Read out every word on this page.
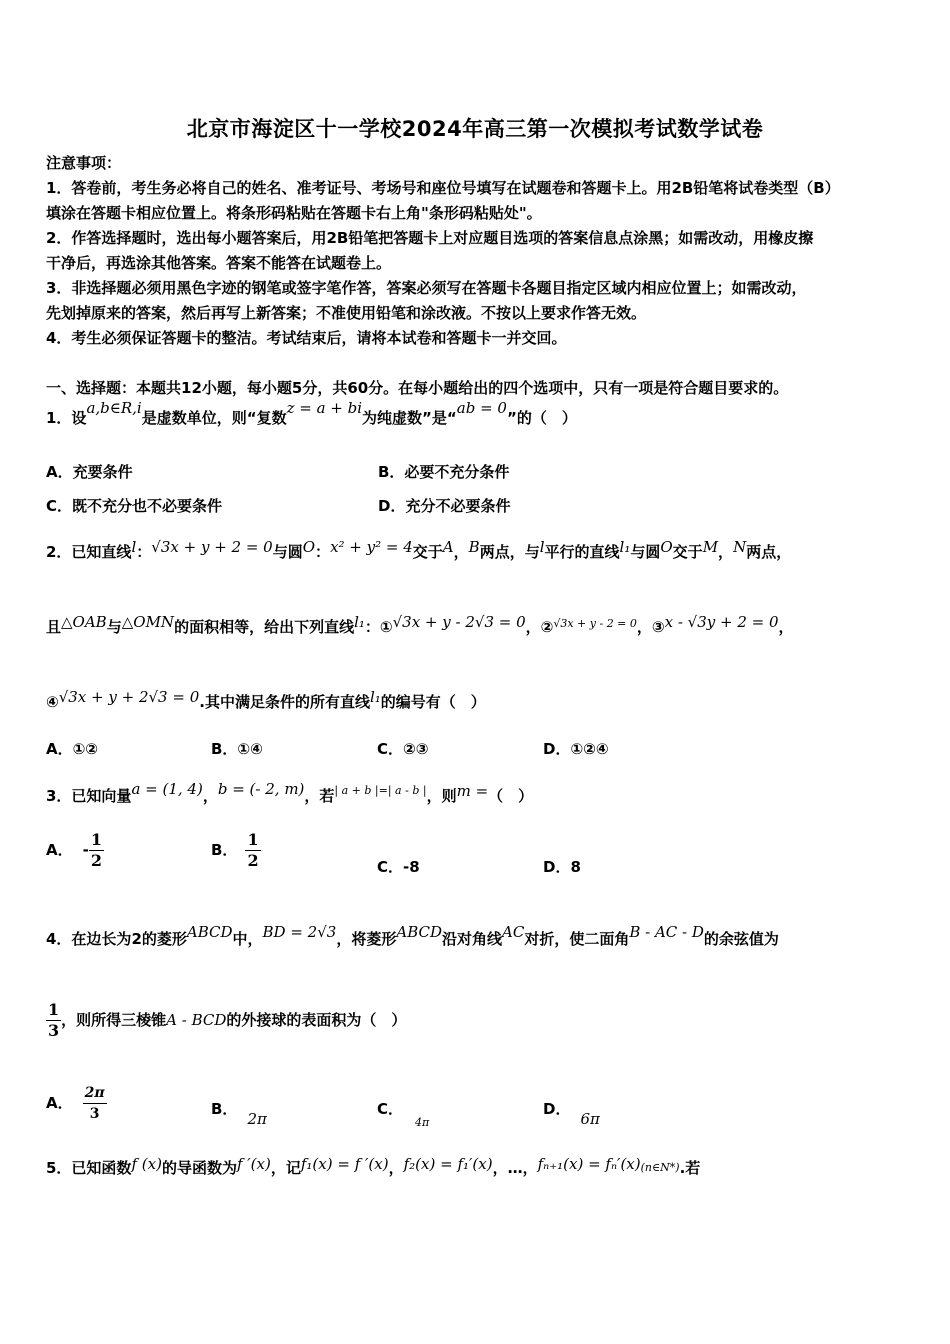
北京市海淀区十一学校2024年高三第一次模拟考试数学试卷
注意事项：
1．答卷前，考生务必将自己的姓名、准考证号、考场号和座位号填写在试题卷和答题卡上。用2B铅笔将试卷类型（B）
填涂在答题卡相应位置上。将条形码粘贴在答题卡右上角"条形码粘贴处"。
2．作答选择题时，选出每小题答案后，用2B铅笔把答题卡上对应题目选项的答案信息点涂黑；如需改动，用橡皮擦
干净后，再选涂其他答案。答案不能答在试题卷上。
3．非选择题必须用黑色字迹的钢笔或签字笔作答，答案必须写在答题卡各题目指定区域内相应位置上；如需改动，
先划掉原来的答案，然后再写上新答案；不准使用铅笔和涂改液。不按以上要求作答无效。
4．考生必须保证答题卡的整洁。考试结束后，请将本试卷和答题卡一并交回。
一、选择题：本题共12小题，每小题5分，共60分。在每小题给出的四个选项中，只有一项是符合题目要求的。
1．设a,b∈R,i是虚数单位，则“复数z = a + bi为纯虚数”是“ab = 0”的（　）
A．充要条件	B．必要不充分条件
C．既不充分也不必要条件	D．充分不必要条件
2．已知直线l：√3x + y + 2 = 0与圆O：x² + y² = 4交于A，B两点，与l平行的直线l₁与圆O交于M，N两点，
且△OAB与△OMN的面积相等，给出下列直线l₁：①√3x + y - 2√3 = 0，②$^{√3x + y - 2 = 0}$，③x - √3y + 2 = 0，
④√3x + y + 2√3 = 0.其中满足条件的所有直线l₁的编号有（　）
A．①②	B．①④	C．②③	D．①②④
3．已知向量a = (1, 4)，b = (- 2, m)，若$^{| a + b |=| a - b |}$，则m =（　）
A． - $\frac{1}{2}$	B． $\frac{1}{2}$	C．-8	D．8
4．在边长为2的菱形ABCD中，BD = 2√3，将菱形ABCD沿对角线AC对折，使二面角B - AC - D的余弦值为
$\frac{1}{3}$ ，则所得三棱锥A - BCD的外接球的表面积为（　）
A． $\frac{2\pi}{3}$	B．2π
C．$_{4\pi}$
D．6π
5．已知函数f (x)的导函数为f ′(x)，记f₁(x) = f ′(x)，f₂(x) = f₁′(x)，…，fₙ₊₁(x) = fₙ′(x)(n∈N*).若
